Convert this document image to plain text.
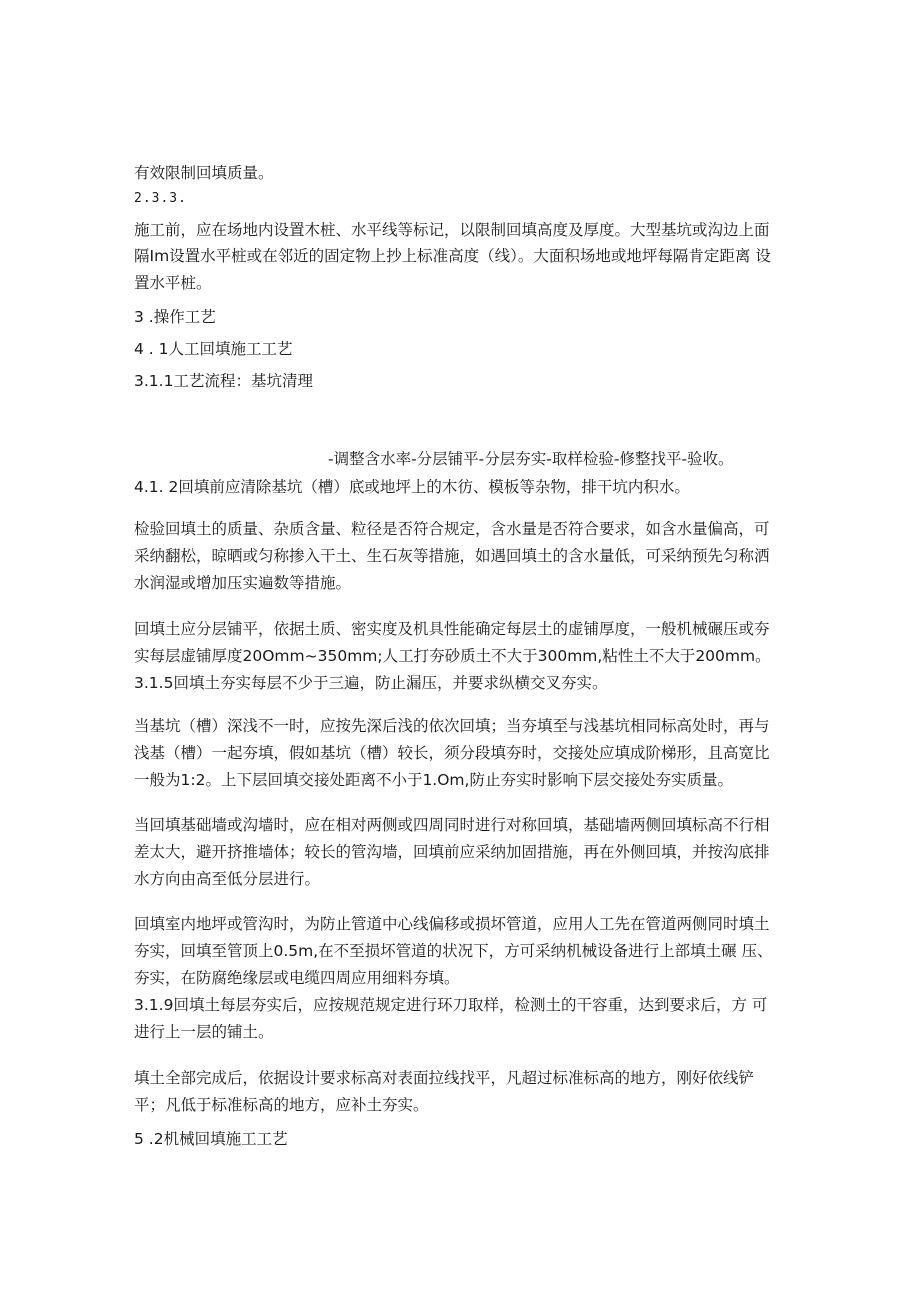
有效限制回填质量。
2.3.3.
施工前，应在场地内设置木桩、水平线等标记，以限制回填高度及厚度。大型基坑或沟边上面
隔Im设置水平桩或在邻近的固定物上抄上标准高度（线）。大面积场地或地坪每隔肯定距离 设
置水平桩。
3 .操作工艺
4 . 1人工回填施工工艺
3.1.1工艺流程：基坑清理
-调整含水率-分层铺平-分层夯实-取样检验-修整找平-验收。
4.1. 2回填前应清除基坑（槽）底或地坪上的木彷、模板等杂物，排干坑内积水。
检验回填土的质量、杂质含量、粒径是否符合规定，含水量是否符合要求，如含水量偏高，可
采纳翻松，晾晒或匀称掺入干土、生石灰等措施，如遇回填土的含水量低，可采纳预先匀称洒
水润湿或增加压实遍数等措施。
回填土应分层铺平，依据土质、密实度及机具性能确定每层土的虚铺厚度，一般机械碾压或夯
实每层虚铺厚度20Omm~350mm;人工打夯砂质土不大于300mm,粘性土不大于200mm。
3.1.5回填土夯实每层不少于三遍，防止漏压，并要求纵横交叉夯实。
当基坑（槽）深浅不一时，应按先深后浅的依次回填；当夯填至与浅基坑相同标高处时，再与
浅基（槽）一起夯填，假如基坑（槽）较长，须分段填夯时，交接处应填成阶梯形，且高宽比
一般为1:2。上下层回填交接处距离不小于1.Om,防止夯实时影响下层交接处夯实质量。
当回填基础墙或沟墙时，应在相对两侧或四周同时进行对称回填，基础墙两侧回填标高不行相
差太大，避开挤推墙体；较长的管沟墙，回填前应采纳加固措施，再在外侧回填，并按沟底排
水方向由高至低分层进行。
回填室内地坪或管沟时，为防止管道中心线偏移或损坏管道，应用人工先在管道两侧同时填土
夯实，回填至管顶上0.5m,在不至损坏管道的状况下，方可采纳机械设备进行上部填土碾 压、
夯实，在防腐绝缘层或电缆四周应用细料夯填。
3.1.9回填土每层夯实后，应按规范规定进行环刀取样，检测土的干容重，达到要求后，方 可
进行上一层的铺土。
填土全部完成后，依据设计要求标高对表面拉线找平，凡超过标准标高的地方，刚好依线铲
平；凡低于标准标高的地方，应补土夯实。
5 .2机械回填施工工艺
